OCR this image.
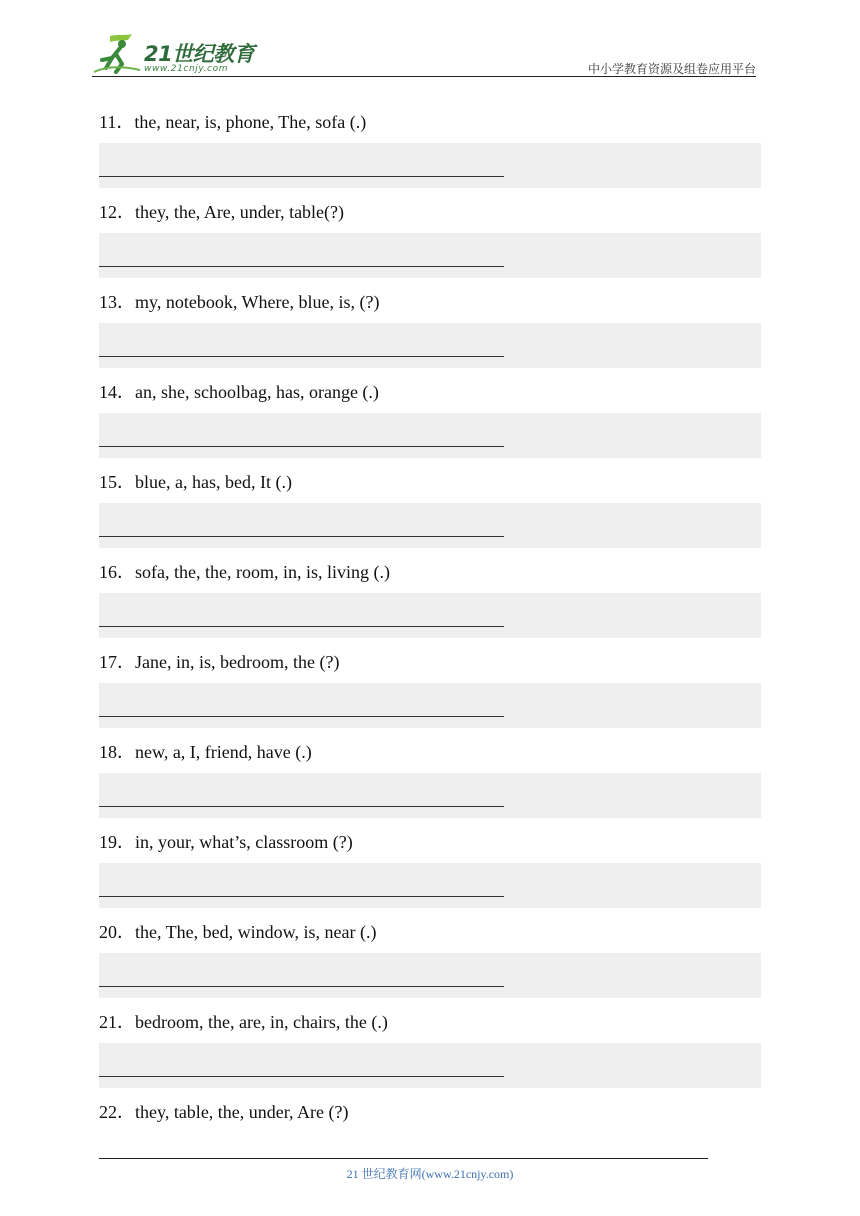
21世纪教育
www.21cnjy.com	中小学教育资源及组卷应用平台
11．the, near, is, phone, The, sofa (.)
12．they, the, Are, under, table(?)
13．my, notebook, Where, blue, is, (?)
14．an, she, schoolbag, has, orange (.)
15．blue, a, has, bed, It (.)
16．sofa, the, the, room, in, is, living (.)
17．Jane, in, is, bedroom, the (?)
18．new, a, I, friend, have (.)
19．in, your, what’s, classroom (?)
20．the, The, bed, window, is, near (.)
21．bedroom, the, are, in, chairs, the (.)
22．they, table, the, under, Are (?)
21 世纪教育网(www.21cnjy.com)
